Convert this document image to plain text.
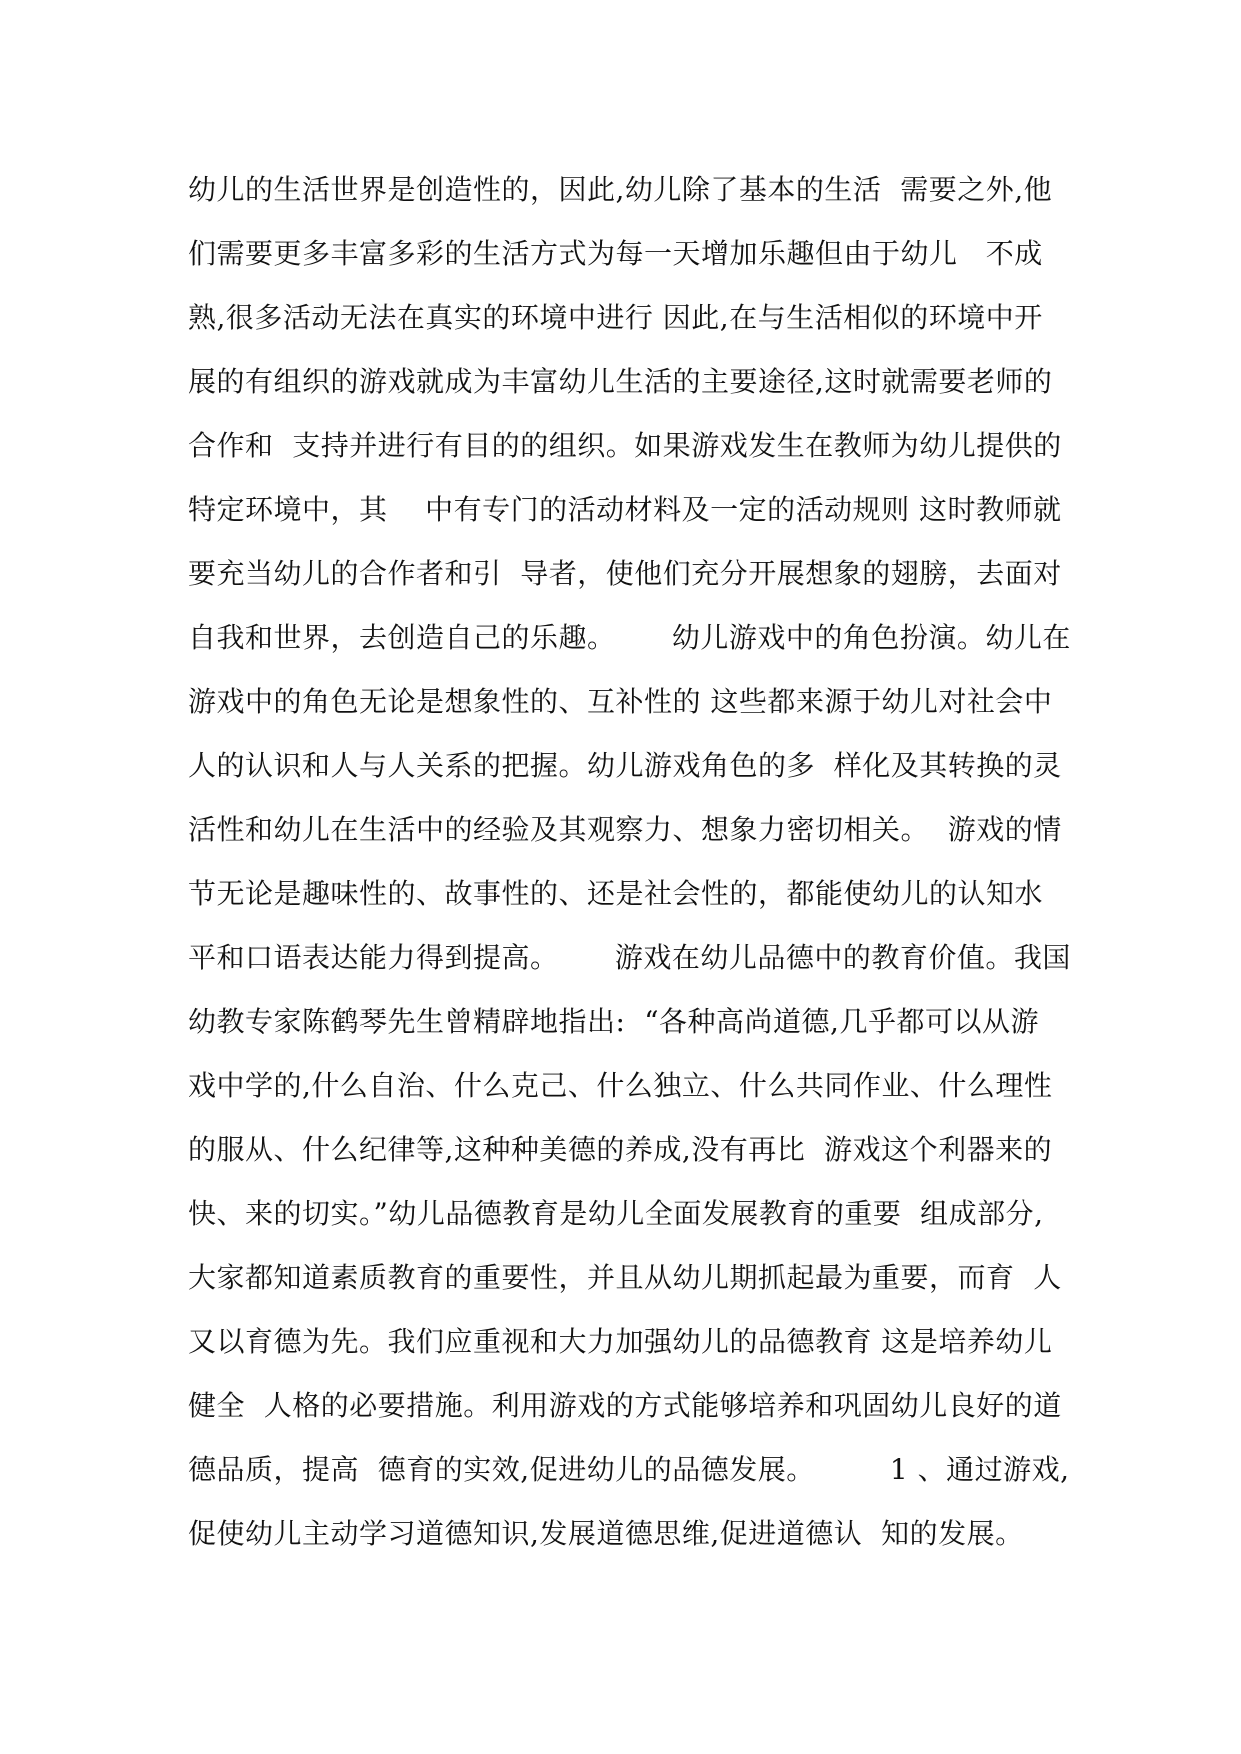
幼儿的生活世界是创造性的，因此,幼儿除了基本的生活  需要之外,他
们需要更多丰富多彩的生活方式为每一天增加乐趣但由于幼儿   不成
熟,很多活动无法在真实的环境中进行 因此,在与生活相似的环境中开
展的有组织的游戏就成为丰富幼儿生活的主要途径,这时就需要老师的
合作和  支持并进行有目的的组织。如果游戏发生在教师为幼儿提供的
特定环境中，其    中有专门的活动材料及一定的活动规则 这时教师就
要充当幼儿的合作者和引  导者，使他们充分开展想象的翅膀，去面对
自我和世界，去创造自己的乐趣。      幼儿游戏中的角色扮演。幼儿在
游戏中的角色无论是想象性的、互补性的 这些都来源于幼儿对社会中
人的认识和人与人关系的把握。幼儿游戏角色的多  样化及其转换的灵
活性和幼儿在生活中的经验及其观察力、想象力密切相关。  游戏的情
节无论是趣味性的、故事性的、还是社会性的，都能使幼儿的认知水
平和口语表达能力得到提高。      游戏在幼儿品德中的教育价值。我国
幼教专家陈鹤琴先生曾精辟地指出:  “各种高尚道德,几乎都可以从游
戏中学的,什么自治、什么克己、什么独立、什么共同作业、什么理性
的服从、什么纪律等,这种种美德的养成,没有再比  游戏这个利器来的
快、来的切实。”幼儿品德教育是幼儿全面发展教育的重要  组成部分,
大家都知道素质教育的重要性，并且从幼儿期抓起最为重要，而育  人
又以育德为先。我们应重视和大力加强幼儿的品德教育 这是培养幼儿
健全  人格的必要措施。利用游戏的方式能够培养和巩固幼儿良好的道
德品质，提高  德育的实效,促进幼儿的品德发展。        1 、通过游戏,
促使幼儿主动学习道德知识,发展道德思维,促进道德认  知的发展。
